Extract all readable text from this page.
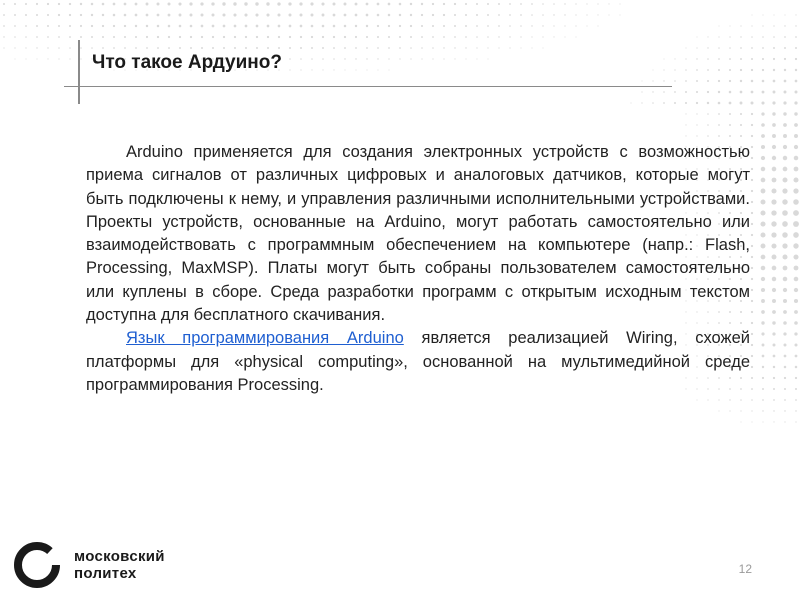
Что такое Ардуино?

Arduino применяется для создания электронных устройств с возможностью приема сигналов от различных цифровых и аналоговых датчиков, которые могут быть подключены к нему, и управления различными исполнительными устройствами. Проекты устройств, основанные на Arduino, могут работать самостоятельно или взаимодействовать с программным обеспечением на компьютере (напр.: Flash, Processing, MaxMSP). Платы могут быть собраны пользователем самостоятельно или куплены в сборе. Среда разработки программ с открытым исходным текстом доступна для бесплатного скачивания.

Язык программирования Arduino является реализацией Wiring, схожей платформы для «physical computing», основанной на мультимедийной среде программирования Processing.

московский
политех	12
